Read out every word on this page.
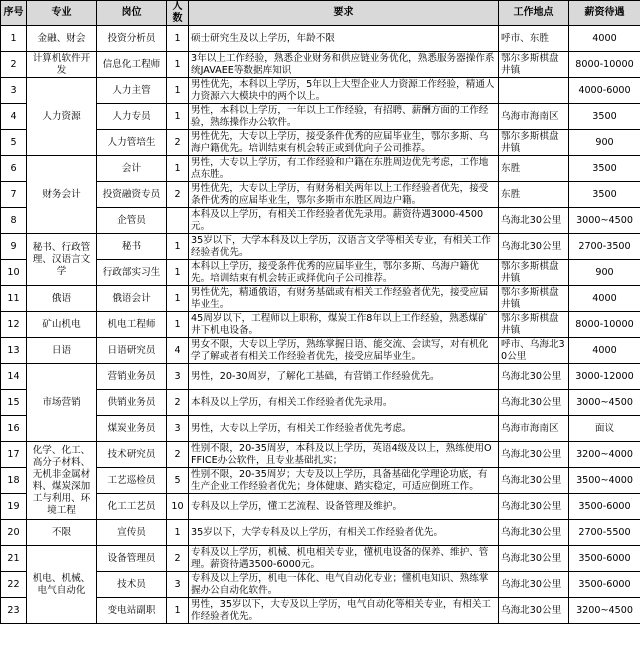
序号	专业	岗位	人数	要求	工作地点	薪资待遇
1	金融、财会	投资分析员	1	硕士研究生及以上学历，年龄不限	呼市、东胜	4000
2	计算机软件开发	信息化工程师	1	3年以上工作经验，熟悉企业财务和供应链业务优化，熟悉服务器操作系统JAVAEE等数据库知识	鄂尔多斯棋盘井镇	8000-10000
3	人力资源	人力主管	1	男性优先，本科以上学历，5年以上大型企业人力资源工作经验，精通人力资源六大模块中的两个以上。		4000-6000
4		人力专员	1	男性，本科以上学历，一年以上工作经验，有招聘、薪酬方面的工作经验，熟练操作办公软件。	乌海市海南区	3500
5		人力管培生	2	男性优先，大专以上学历，接受条件优秀的应届毕业生，鄂尔多斯、乌海户籍优先。培训结束有机会转正或到优向子公司推荐。	鄂尔多斯棋盘井镇	900
6	财务会计	会计	1	男性，大专以上学历，有工作经验和户籍在东胜周边优先考虑，工作地点东胜。	东胜	3500
7		投资融资专员	2	男性优先，大专以上学历，有财务相关两年以上工作经验者优先，接受条件优秀的应届毕业生，鄂尔多斯市东胜区周边户籍。	东胜	3500
8		企管员		本科及以上学历，有相关工作经验者优先录用。薪资待遇3000-4500元。	乌海北30公里	3000~4500
9	秘书、行政管理、汉语言文学	秘书	1	35岁以下，大学本科及以上学历，汉语言文学等相关专业，有相关工作经验者优先。	乌海北30公里	2700-3500
10		行政部实习生	1	本科以上学历，接受条件优秀的应届毕业生，鄂尔多斯、乌海户籍优先。培训结束有机会转正或择优向子公司推荐。	鄂尔多斯棋盘井镇	900
11	俄语	俄语会计	1	男性优先，精通俄语，有财务基础或有相关工作经验者优先，接受应届毕业生。	鄂尔多斯棋盘井镇	4000
12	矿山机电	机电工程师	1	45周岁以下，工程师以上职称，煤炭工作8年以上工作经验，熟悉煤矿井下机电设备。	鄂尔多斯棋盘井镇	8000-10000
13	日语	日语研究员	4	男女不限，大专以上学历，熟练掌握日语、能交流、会读写，对有机化学了解或者有相关工作经验者优先，接受应届毕业生。	呼市、乌海北30公里	4000
14	市场营销	营销业务员	3	男性，20-30周岁，了解化工基础，有营销工作经验优先。	乌海北30公里	3000-12000
15		供销业务员	2	本科及以上学历，有相关工作经验者优先录用。	乌海北30公里	3000~4500
16		煤炭业务员	3	男性，大专以上学历，有相关工作经验者优先考虑。	乌海市海南区	面议
17	化学、化工、高分子材料、无机非金属材料、煤炭深加工与利用、环境工程	技术研究员	2	性别不限，20-35周岁，本科及以上学历，英语4级及以上，熟练使用OFFICE办公软件，且专业基础扎实；	乌海北30公里	3200~4000
18		工艺巡检员	5	性别不限，20-35周岁；大专及以上学历，具备基础化学理论功底，有生产企业工作经验者优先；身体健康、踏实稳定，可适应倒班工作。	乌海北30公里	3500~4000
19		化工工艺员	10	专科及以上学历，懂工艺流程、设备管理及维护。	乌海北30公里	3500-6000
20	不限	宣传员	1	35岁以下，大学专科及以上学历，有相关工作经验者优先。	乌海北30公里	2700-5500
21	机电、机械、电气自动化	设备管理员	2	专科及以上学历，机械、机电相关专业，懂机电设备的保养、维护、管理。薪资待遇3500-6000元。	乌海北30公里	3500-6000
22		技术员	3	专科及以上学历，机电一体化、电气自动化专业；懂机电知识、熟练掌握办公自动化软件。	乌海北30公里	3500-6000
23		变电站副职	1	男性，35岁以下，大专及以上学历，电气自动化等相关专业，有相关工作经验者优先。	乌海北30公里	3200~4500
